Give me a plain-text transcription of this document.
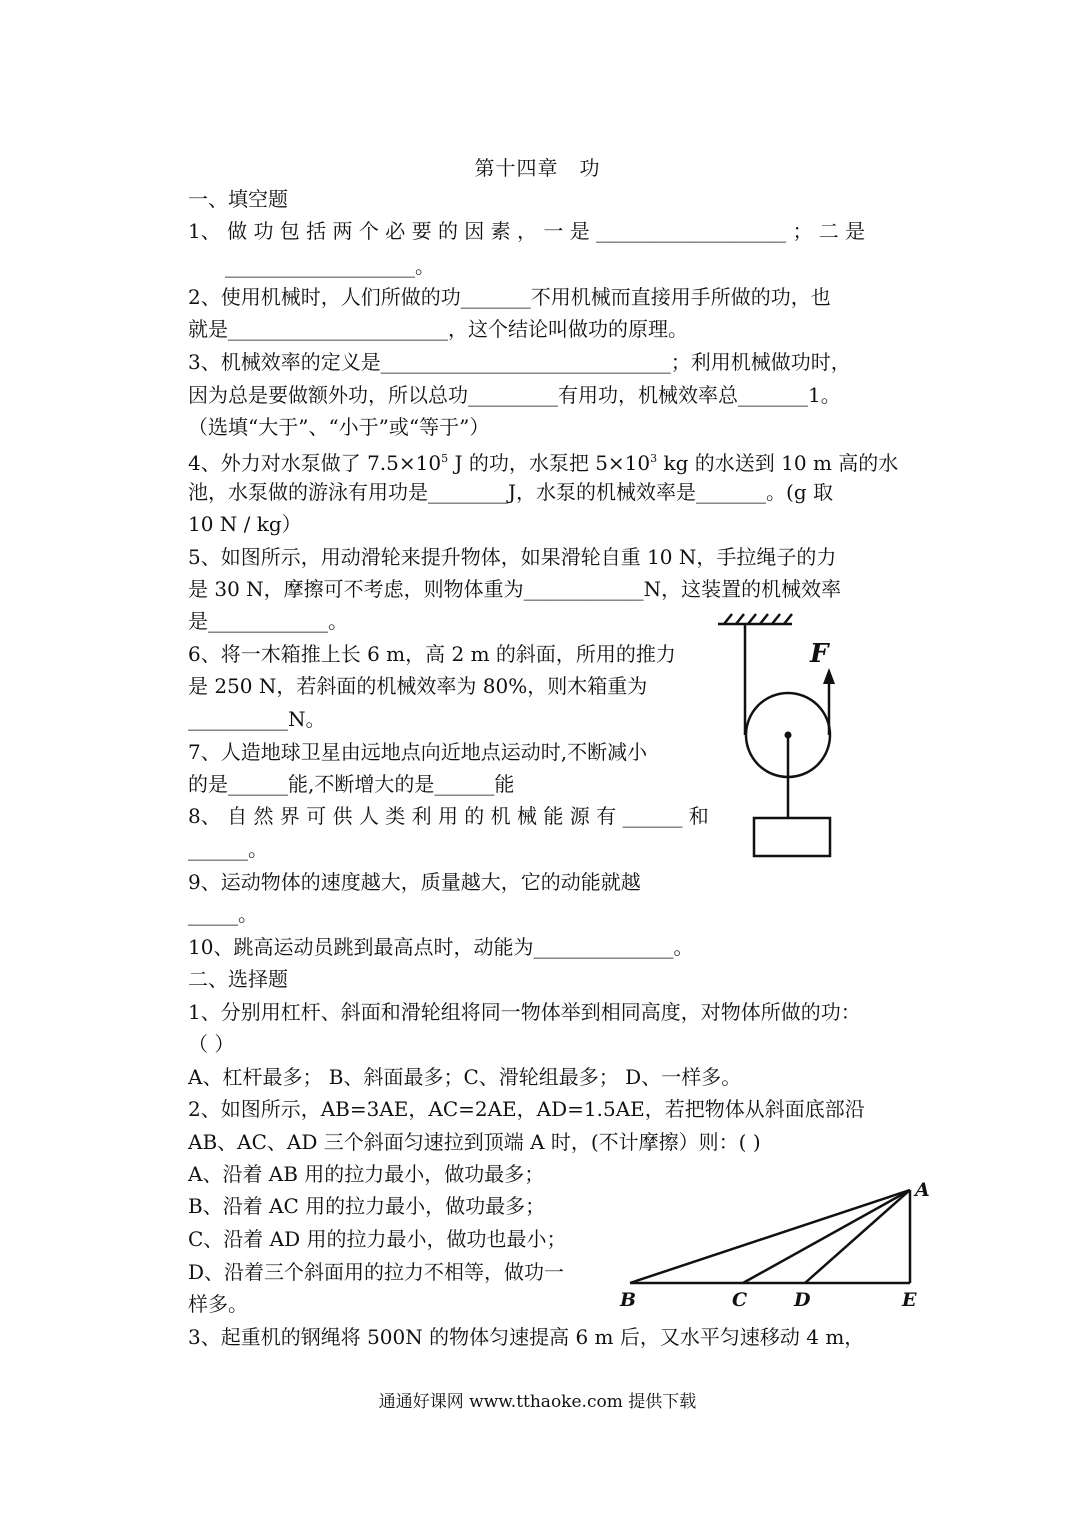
第十四章　功
一、填空题
1、 做 功 包 括 两 个 必 要 的 因 素 ， 一 是 ___________________ ； 二 是
___________________。
2、使用机械时，人们所做的功_______不用机械而直接用手所做的功，也
就是______________________，这个结论叫做功的原理。
3、机械效率的定义是_____________________________；利用机械做功时，
因为总是要做额外功，所以总功_________有用功，机械效率总_______1。
（选填“大于”、“小于”或“等于”）
4、外力对水泵做了 $7.5\times 10^5$ J 的功，水泵把 $5\times 10^3$ kg 的水送到 10 m 高的水
池，水泵做的游泳有用功是________J，水泵的机械效率是_______。(g 取
10 N / kg）
5、如图所示，用动滑轮来提升物体，如果滑轮自重 10 N，手拉绳子的力
是 30 N，摩擦可不考虑，则物体重为____________N，这装置的机械效率
是____________。
6、将一木箱推上长 6 m，高 2 m 的斜面，所用的推力
是 250 N，若斜面的机械效率为 80%，则木箱重为
__________N。
7、人造地球卫星由远地点向近地点运动时,不断减小
的是______能,不断增大的是______能
8、 自 然 界 可 供 人 类 利 用 的 机 械 能 源 有 ______ 和
______。
9、运动物体的速度越大，质量越大，它的动能就越
_____。
10、跳高运动员跳到最高点时，动能为______________。
二、选择题
1、分别用杠杆、斜面和滑轮组将同一物体举到相同高度，对物体所做的功：
（ ）
A、杠杆最多； B、斜面最多；C、滑轮组最多； D、一样多。
2、如图所示，AB=3AE，AC=2AE，AD=1.5AE，若把物体从斜面底部沿
AB、AC、AD 三个斜面匀速拉到顶端 A 时，(不计摩擦）则：( )
A、沿着 AB 用的拉力最小，做功最多；
B、沿着 AC 用的拉力最小，做功最多；
C、沿着 AD 用的拉力最小，做功也最小；
D、沿着三个斜面用的拉力不相等，做功一
样多。
3、起重机的钢绳将 500N 的物体匀速提高 6 m 后，又水平匀速移动 4 m，
F
A
B	C D	E
通通好课网 www.tthaoke.com 提供下载
